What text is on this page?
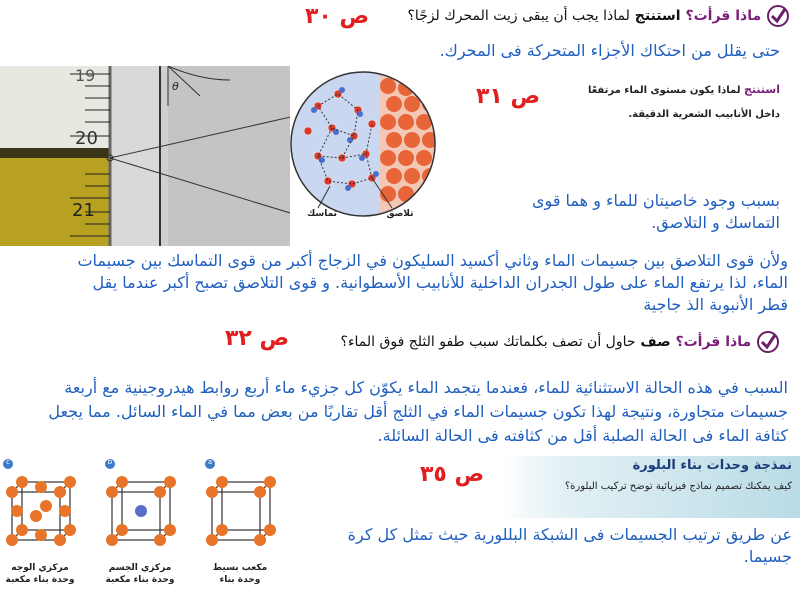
ماذا قرأت؟ استنتج لماذا يجب أن يبقى زيت المحرك لزجًا؟
ص ٣٠
حتى يقلل من احتكاك الأجزاء المتحركة فى المحرك.
19
20
21
θ
تماسك	تلاصق
ص ٣١	استنتج لماذا يكون مستوى الماء مرتفعًا
داخل الأنابيب الشعرية الدقيقة.
بسبب وجود خاصيتان للماء و هما قوى
التماسك و التلاصق.
ولأن قوى التلاصق بين جسيمات الماء وثاني أكسيد السليكون في الزجاج أكبر من قوى التماسك بين جسيمات
الماء، لذا يرتفع الماء على طول الجدران الداخلية للأنابيب الأسطوانية. و قوى التلاصق تصبح أكبر عندما يقل
قطر الأنبوبة الذ جاجية
ماذا قرأت؟ صف حاول أن تصف بكلماتك سبب طفو الثلج فوق الماء؟
ص ٣٢
السبب في هذه الحالة الاستثنائية للماء، فعندما يتجمد الماء يكوّن كل جزيء ماء أربع روابط هيدروجينية مع أربعة
جسيمات متجاورة، ونتيجة لهذا تكون جسيمات الماء في الثلج أقل تقاربًا من بعض مما في الماء السائل. مما يجعل
كثافة الماء فى الحالة الصلبة أقل من كثافته فى الحالة السائلة.
c	b	a
مركزي الوجه
وحدة بناء مكعبة
مركزي الجسم
وحدة بناء مكعبة
مكعب بسيط
وحدة بناء
ص ٣٥	نمذجة وحدات بناء البلورة
كيف يمكنك تصميم نماذج فيزيائية توضح تركيب البلورة؟
عن طريق ترتيب الجسيمات فى الشبكة البللورية حيث تمثل كل كرة
جسيما.
